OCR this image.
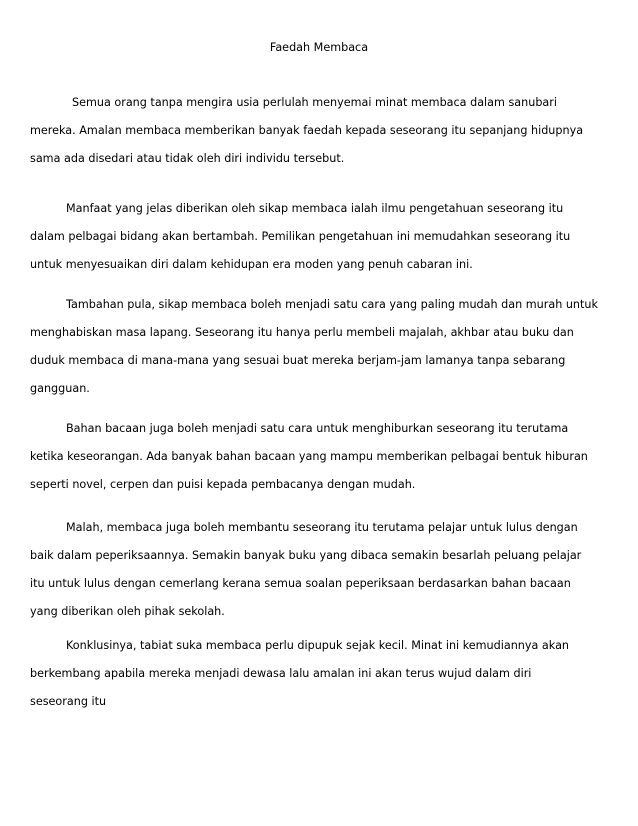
Faedah Membaca
Semua orang tanpa mengira usia perlulah menyemai minat membaca dalam sanubari
mereka. Amalan membaca memberikan banyak faedah kepada seseorang itu sepanjang hidupnya
sama ada disedari atau tidak oleh diri individu tersebut.
Manfaat yang jelas diberikan oleh sikap membaca ialah ilmu pengetahuan seseorang itu
dalam pelbagai bidang akan bertambah. Pemilikan pengetahuan ini memudahkan seseorang itu
untuk menyesuaikan diri dalam kehidupan era moden yang penuh cabaran ini.
Tambahan pula, sikap membaca boleh menjadi satu cara yang paling mudah dan murah untuk
menghabiskan masa lapang. Seseorang itu hanya perlu membeli majalah, akhbar atau buku dan
duduk membaca di mana-mana yang sesuai buat mereka berjam-jam lamanya tanpa sebarang
gangguan.
Bahan bacaan juga boleh menjadi satu cara untuk menghiburkan seseorang itu terutama
ketika keseorangan. Ada banyak bahan bacaan yang mampu memberikan pelbagai bentuk hiburan
seperti novel, cerpen dan puisi kepada pembacanya dengan mudah.
Malah, membaca juga boleh membantu seseorang itu terutama pelajar untuk lulus dengan
baik dalam peperiksaannya. Semakin banyak buku yang dibaca semakin besarlah peluang pelajar
itu untuk lulus dengan cemerlang kerana semua soalan peperiksaan berdasarkan bahan bacaan
yang diberikan oleh pihak sekolah.
Konklusinya, tabiat suka membaca perlu dipupuk sejak kecil. Minat ini kemudiannya akan
berkembang apabila mereka menjadi dewasa lalu amalan ini akan terus wujud dalam diri
seseorang itu
